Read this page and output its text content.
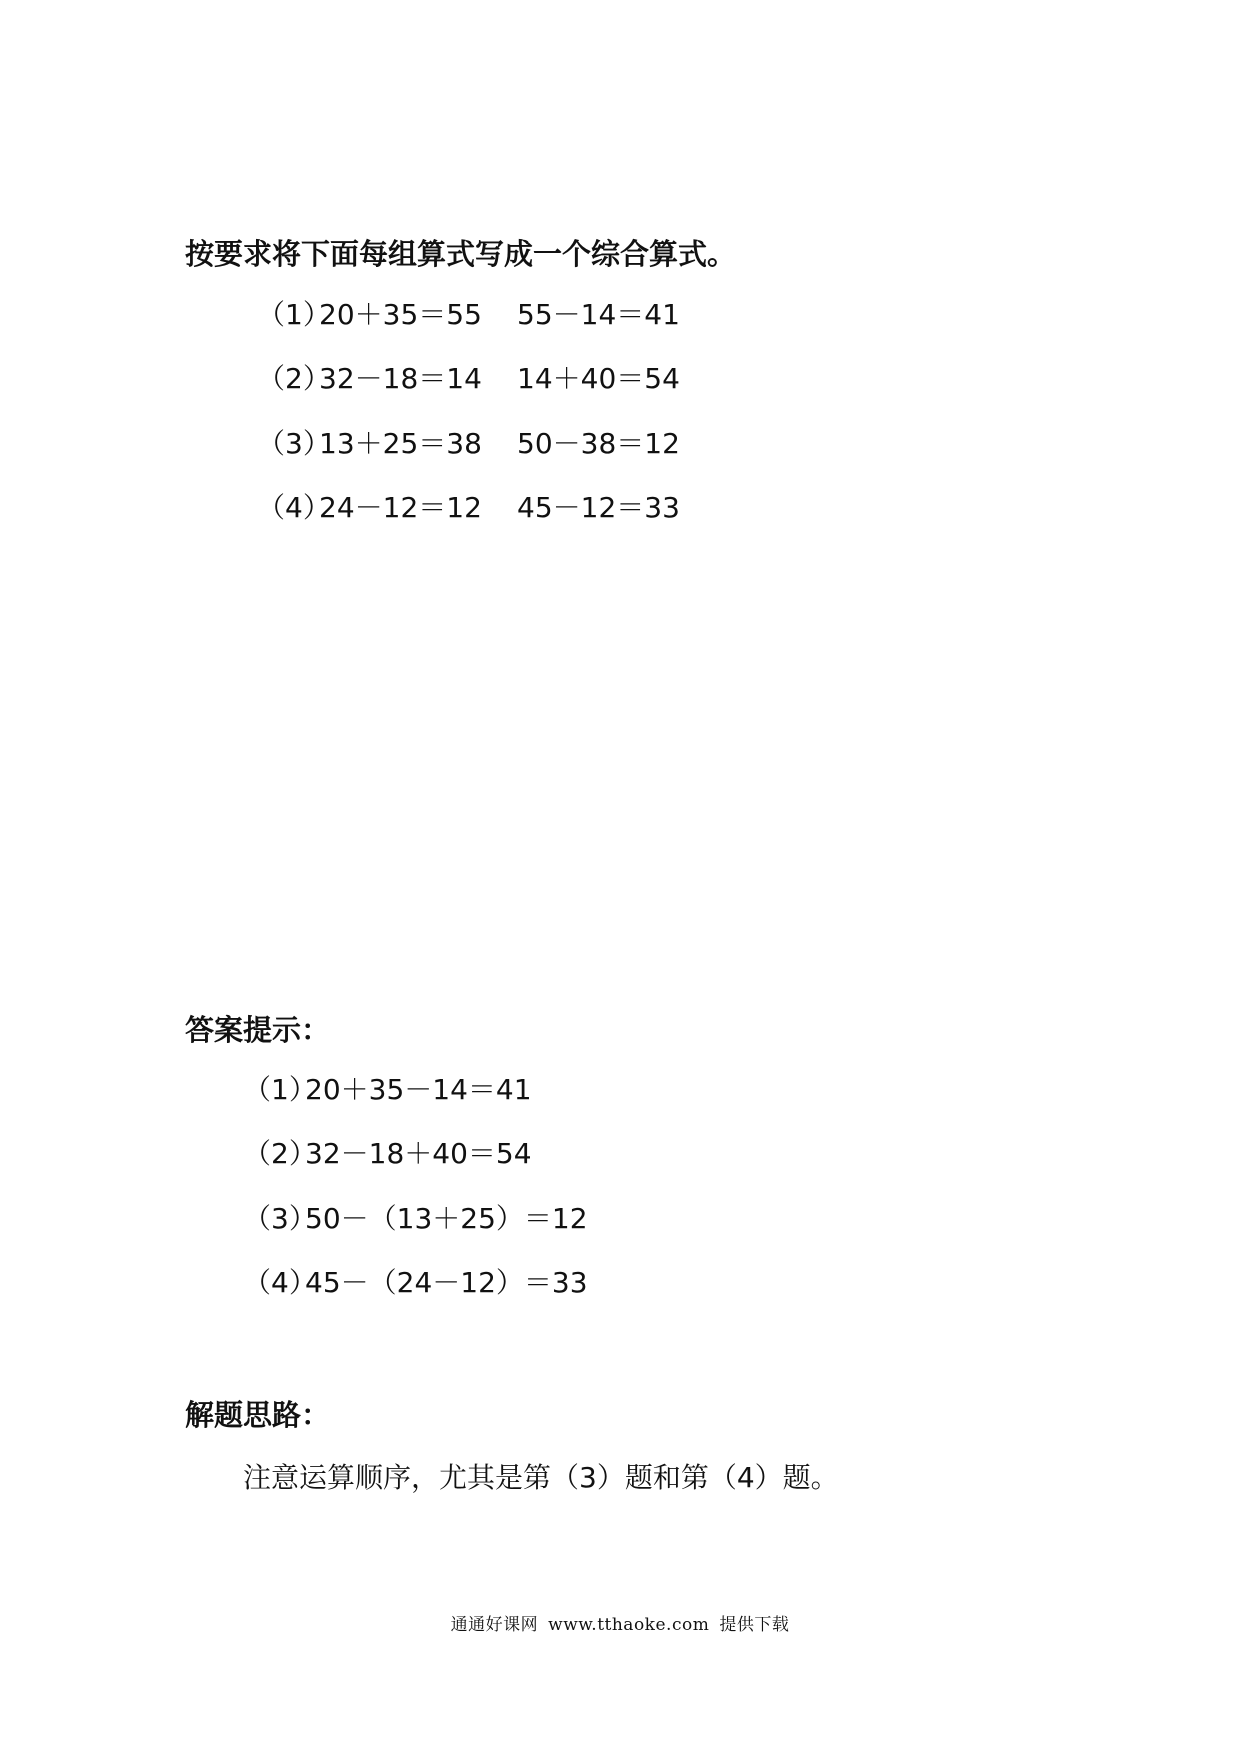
按要求将下面每组算式写成一个综合算式。
（1）20＋35＝55 55－14＝41
（2）32－18＝14 14＋40＝54
（3）13＋25＝38 50－38＝12
（4）24－12＝12 45－12＝33
答案提示：
（1）20＋35－14＝41
（2）32－18＋40＝54
（3）50－（13＋25）＝12
（4）45－（24－12）＝33
解题思路：
注意运算顺序，尤其是第（3）题和第（4）题。
通通好课网 www.tthaoke.com 提供下载
